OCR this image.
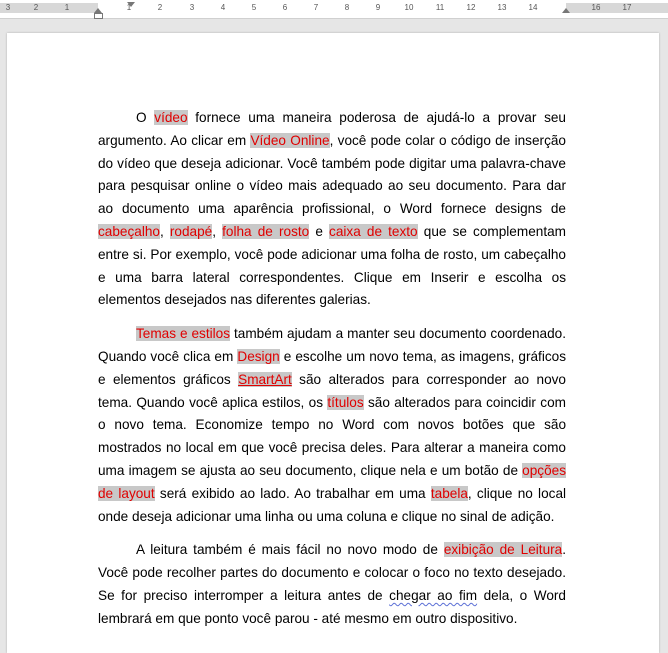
3	2	1	1	2	3	4	5	6	7	8	9	10	11	12	13	14	16	17

O vídeo fornece uma maneira poderosa de ajudá-lo a provar seu argumento. Ao clicar em Vídeo Online, você pode colar o código de inserção do vídeo que deseja adicionar. Você também pode digitar uma palavra-chave para pesquisar online o vídeo mais adequado ao seu documento. Para dar ao documento uma aparência profissional, o Word fornece designs de cabeçalho, rodapé, folha de rosto e caixa de texto que se complementam entre si. Por exemplo, você pode adicionar uma folha de rosto, um cabeçalho e uma barra lateral correspondentes. Clique em Inserir e escolha os elementos desejados nas diferentes galerias.

Temas e estilos também ajudam a manter seu documento coordenado. Quando você clica em Design e escolhe um novo tema, as imagens, gráficos e elementos gráficos SmartArt são alterados para corresponder ao novo tema. Quando você aplica estilos, os títulos são alterados para coincidir com o novo tema. Economize tempo no Word com novos botões que são mostrados no local em que você precisa deles. Para alterar a maneira como uma imagem se ajusta ao seu documento, clique nela e um botão de opções de layout será exibido ao lado. Ao trabalhar em uma tabela, clique no local onde deseja adicionar uma linha ou uma coluna e clique no sinal de adição.

A leitura também é mais fácil no novo modo de exibição de Leitura. Você pode recolher partes do documento e colocar o foco no texto desejado. Se for preciso interromper a leitura antes de chegar ao fim dela, o Word lembrará em que ponto você parou - até mesmo em outro dispositivo.
